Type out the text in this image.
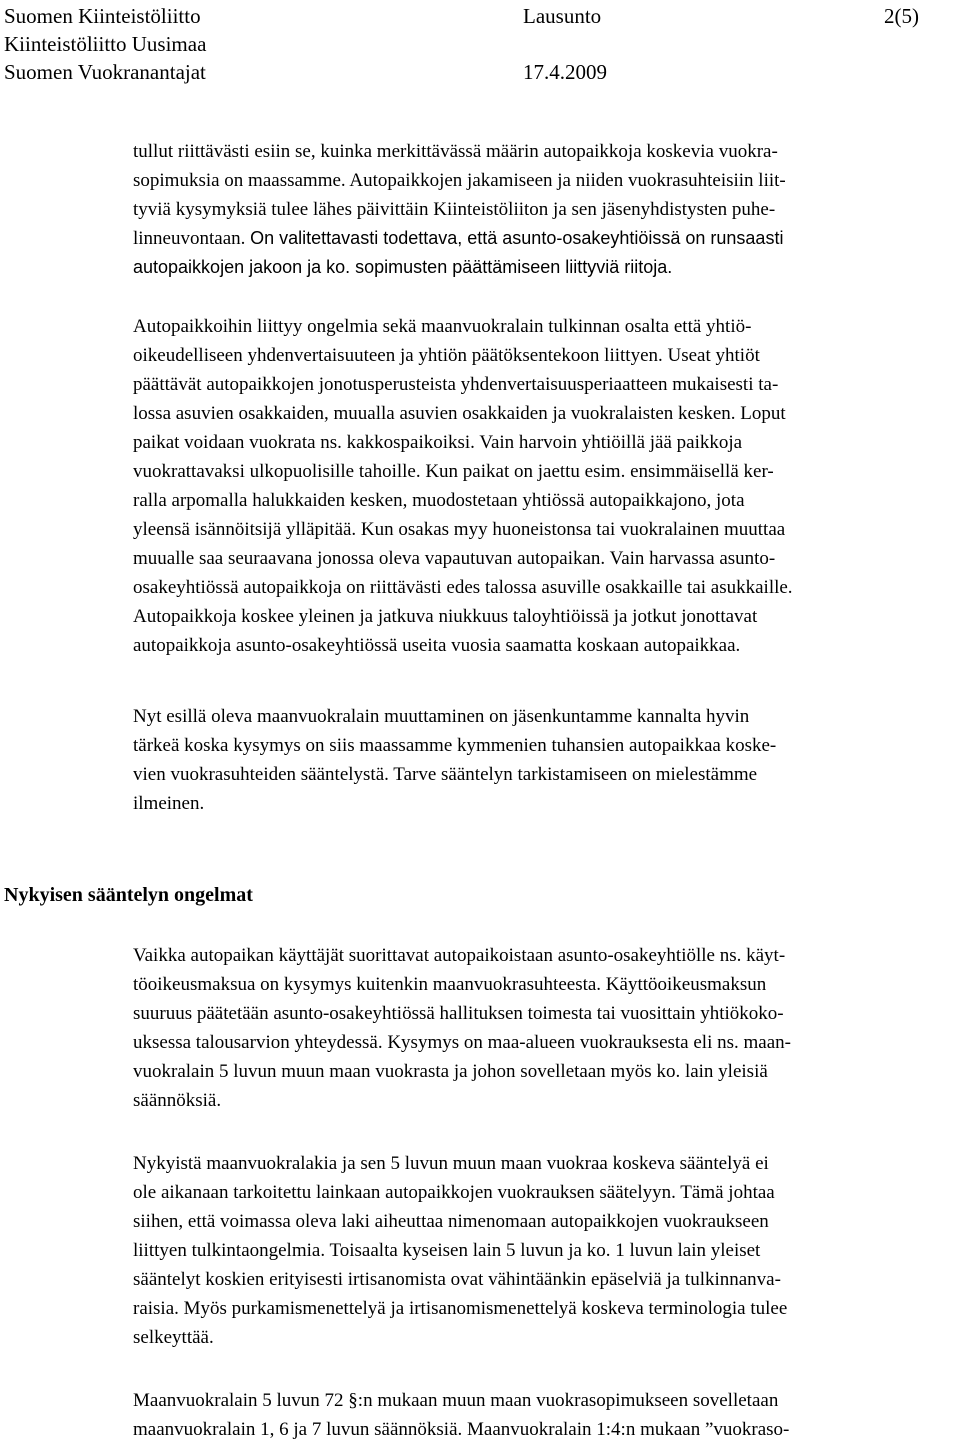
Suomen Kiinteistöliitto	Lausunto	2(5)
Kiinteistöliitto Uusimaa
Suomen Vuokranantajat	17.4.2009
tullut riittävästi esiin se, kuinka merkittävässä määrin autopaikkoja koskevia vuokra-
sopimuksia on maassamme. Autopaikkojen jakamiseen ja niiden vuokrasuhteisiin liit-
tyviä kysymyksiä tulee lähes päivittäin Kiinteistöliiton ja sen jäsenyhdistysten puhe-
linneuvontaan. On valitettavasti todettava, että asunto-osakeyhtiöissä on runsaasti
autopaikkojen jakoon ja ko. sopimusten päättämiseen liittyviä riitoja.
Autopaikkoihin liittyy ongelmia sekä maanvuokralain tulkinnan osalta että yhtiö-
oikeudelliseen yhdenvertaisuuteen ja yhtiön päätöksentekoon liittyen. Useat yhtiöt
päättävät autopaikkojen jonotusperusteista yhdenvertaisuusperiaatteen mukaisesti ta-
lossa asuvien osakkaiden, muualla asuvien osakkaiden ja vuokralaisten kesken. Loput
paikat voidaan vuokrata ns. kakkospaikoiksi. Vain harvoin yhtiöillä jää paikkoja
vuokrattavaksi ulkopuolisille tahoille. Kun paikat on jaettu esim. ensimmäisellä ker-
ralla arpomalla halukkaiden kesken, muodostetaan yhtiössä autopaikkajono, jota
yleensä isännöitsijä ylläpitää. Kun osakas myy huoneistonsa tai vuokralainen muuttaa
muualle saa seuraavana jonossa oleva vapautuvan autopaikan. Vain harvassa asunto-
osakeyhtiössä autopaikkoja on riittävästi edes talossa asuville osakkaille tai asukkaille.
Autopaikkoja koskee yleinen ja jatkuva niukkuus taloyhtiöissä ja jotkut jonottavat
autopaikkoja asunto-osakeyhtiössä useita vuosia saamatta koskaan autopaikkaa.
Nyt esillä oleva maanvuokralain muuttaminen on jäsenkuntamme kannalta hyvin
tärkeä koska kysymys on siis maassamme kymmenien tuhansien autopaikkaa koske-
vien vuokrasuhteiden sääntelystä. Tarve sääntelyn tarkistamiseen on mielestämme
ilmeinen.
Nykyisen sääntelyn ongelmat
Vaikka autopaikan käyttäjät suorittavat autopaikoistaan asunto-osakeyhtiölle ns. käyt-
töoikeusmaksua on kysymys kuitenkin maanvuokrasuhteesta. Käyttöoikeusmaksun
suuruus päätetään asunto-osakeyhtiössä hallituksen toimesta tai vuosittain yhtiökoko-
uksessa talousarvion yhteydessä. Kysymys on maa-alueen vuokrauksesta eli ns. maan-
vuokralain 5 luvun muun maan vuokrasta ja johon sovelletaan myös ko. lain yleisiä
säännöksiä.
Nykyistä maanvuokralakia ja sen 5 luvun muun maan vuokraa koskeva sääntelyä ei
ole aikanaan tarkoitettu lainkaan autopaikkojen vuokrauksen säätelyyn. Tämä johtaa
siihen, että voimassa oleva laki aiheuttaa nimenomaan autopaikkojen vuokraukseen
liittyen tulkintaongelmia. Toisaalta kyseisen lain 5 luvun ja ko. 1 luvun lain yleiset
sääntelyt koskien erityisesti irtisanomista ovat vähintäänkin epäselviä ja tulkinnanva-
raisia. Myös purkamismenettelyä ja irtisanomismenettelyä koskeva terminologia tulee
selkeyttää.
Maanvuokralain 5 luvun 72 §:n mukaan muun maan vuokrasopimukseen sovelletaan
maanvuokralain 1, 6 ja 7 luvun säännöksiä. Maanvuokralain 1:4:n mukaan ”vuokraso-
